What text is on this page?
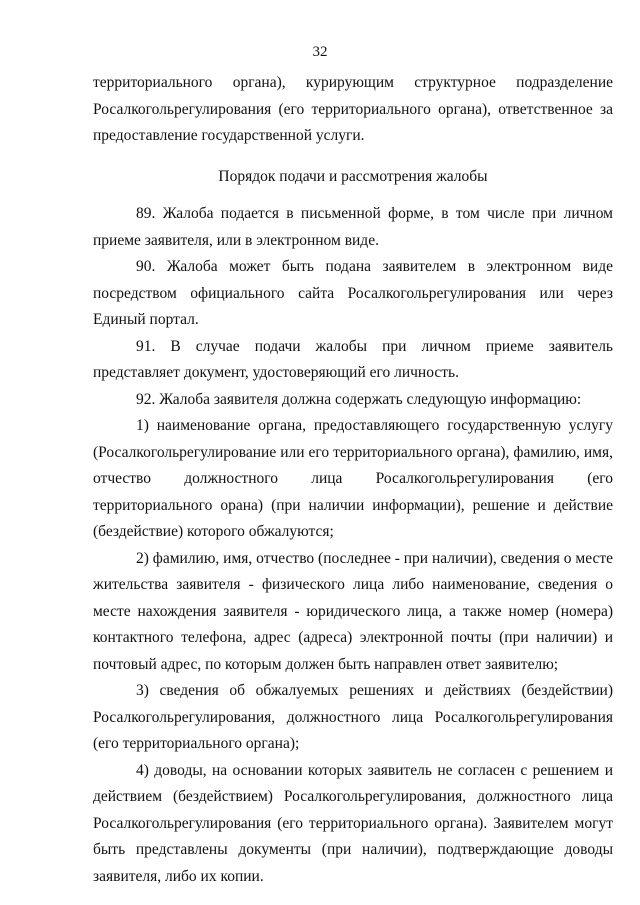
32

территориального органа), курирующим структурное подразделение Росалкогольрегулирования (его территориального органа), ответственное за предоставление государственной услуги.

Порядок подачи и рассмотрения жалобы

89. Жалоба подается в письменной форме, в том числе при личном приеме заявителя, или в электронном виде.

90. Жалоба может быть подана заявителем в электронном виде посредством официального сайта Росалкогольрегулирования или через Единый портал.

91. В случае подачи жалобы при личном приеме заявитель представляет документ, удостоверяющий его личность.

92. Жалоба заявителя должна содержать следующую информацию:

1) наименование органа, предоставляющего государственную услугу (Росалкогольрегулирование или его территориального органа), фамилию, имя, отчество должностного лица Росалкогольрегулирования (его территориального орана) (при наличии информации), решение и действие (бездействие) которого обжалуются;

2) фамилию, имя, отчество (последнее - при наличии), сведения о месте жительства заявителя - физического лица либо наименование, сведения о месте нахождения заявителя - юридического лица, а также номер (номера) контактного телефона, адрес (адреса) электронной почты (при наличии) и почтовый адрес, по которым должен быть направлен ответ заявителю;

3) сведения об обжалуемых решениях и действиях (бездействии) Росалкогольрегулирования, должностного лица Росалкогольрегулирования (его территориального органа);

4) доводы, на основании которых заявитель не согласен с решением и действием (бездействием) Росалкогольрегулирования, должностного лица Росалкогольрегулирования (его территориального органа). Заявителем могут быть представлены документы (при наличии), подтверждающие доводы заявителя, либо их копии.
